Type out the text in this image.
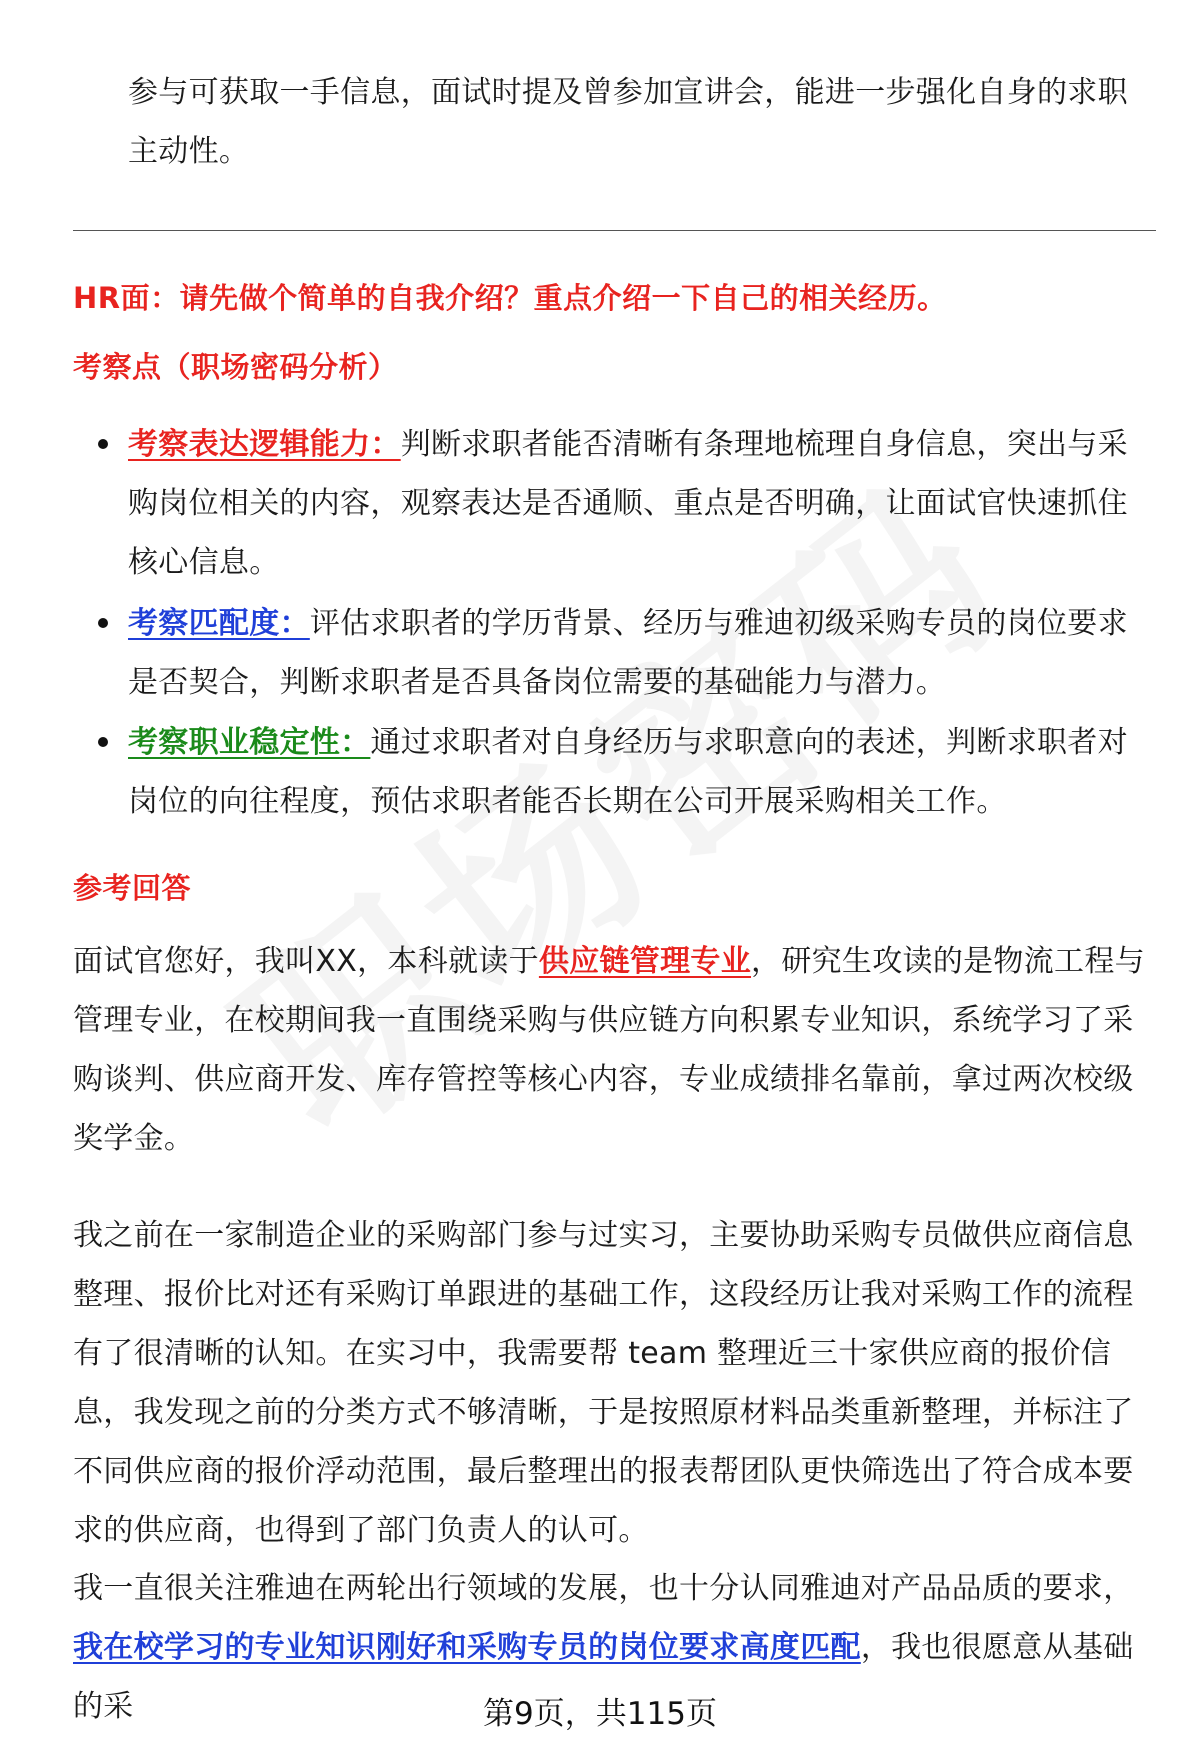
参与可获取一手信息，面试时提及曾参加宣讲会，能进一步强化自身的求职主动性。
HR面：请先做个简单的自我介绍？重点介绍一下自己的相关经历。
考察点（职场密码分析）
考察表达逻辑能力：判断求职者能否清晰有条理地梳理自身信息，突出与采购岗位相关的内容，观察表达是否通顺、重点是否明确，让面试官快速抓住核心信息。
考察匹配度：评估求职者的学历背景、经历与雅迪初级采购专员的岗位要求是否契合，判断求职者是否具备岗位需要的基础能力与潜力。
考察职业稳定性：通过求职者对自身经历与求职意向的表述，判断求职者对岗位的向往程度，预估求职者能否长期在公司开展采购相关工作。
参考回答
面试官您好，我叫XX，本科就读于供应链管理专业，研究生攻读的是物流工程与管理专业，在校期间我一直围绕采购与供应链方向积累专业知识，系统学习了采购谈判、供应商开发、库存管控等核心内容，专业成绩排名靠前，拿过两次校级奖学金。
我之前在一家制造企业的采购部门参与过实习，主要协助采购专员做供应商信息整理、报价比对还有采购订单跟进的基础工作，这段经历让我对采购工作的流程有了很清晰的认知。在实习中，我需要帮 team 整理近三十家供应商的报价信息，我发现之前的分类方式不够清晰，于是按照原材料品类重新整理，并标注了不同供应商的报价浮动范围，最后整理出的报表帮团队更快筛选出了符合成本要求的供应商，也得到了部门负责人的认可。
我一直很关注雅迪在两轮出行领域的发展，也十分认同雅迪对产品品质的要求，我在校学习的专业知识刚好和采购专员的岗位要求高度匹配，我也很愿意从基础的采	第9页，共115页
